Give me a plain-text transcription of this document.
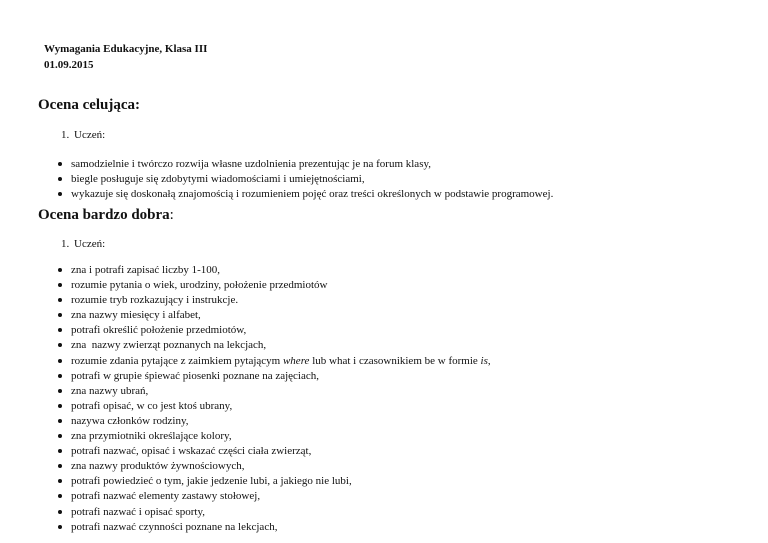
Wymagania Edukacyjne, Klasa III
01.09.2015
Ocena celująca:
1. Uczeń:
samodzielnie i twórczo rozwija własne uzdolnienia prezentując je na forum klasy,
biegle posługuje się zdobytymi wiadomościami i umiejętnościami,
wykazuje się doskonałą znajomością i rozumieniem pojęć oraz treści określonych w podstawie programowej.
Ocena bardzo dobra:
1. Uczeń:
zna i potrafi zapisać liczby 1-100,
rozumie pytania o wiek, urodziny, położenie przedmiotów
rozumie tryb rozkazujący i instrukcje.
zna nazwy miesięcy i alfabet,
potrafi określić położenie przedmiotów,
zna  nazwy zwierząt poznanych na lekcjach,
rozumie zdania pytające z zaimkiem pytającym where lub what i czasownikiem be w formie is,
potrafi w grupie śpiewać piosenki poznane na zajęciach,
zna nazwy ubrań,
potrafi opisać, w co jest ktoś ubrany,
nazywa członków rodziny,
zna przymiotniki określające kolory,
potrafi nazwać, opisać i wskazać części ciała zwierząt,
zna nazwy produktów żywnościowych,
potrafi powiedzieć o tym, jakie jedzenie lubi, a jakiego nie lubi,
potrafi nazwać elementy zastawy stołowej,
potrafi nazwać i opisać sporty,
potrafi nazwać czynności poznane na lekcjach,
